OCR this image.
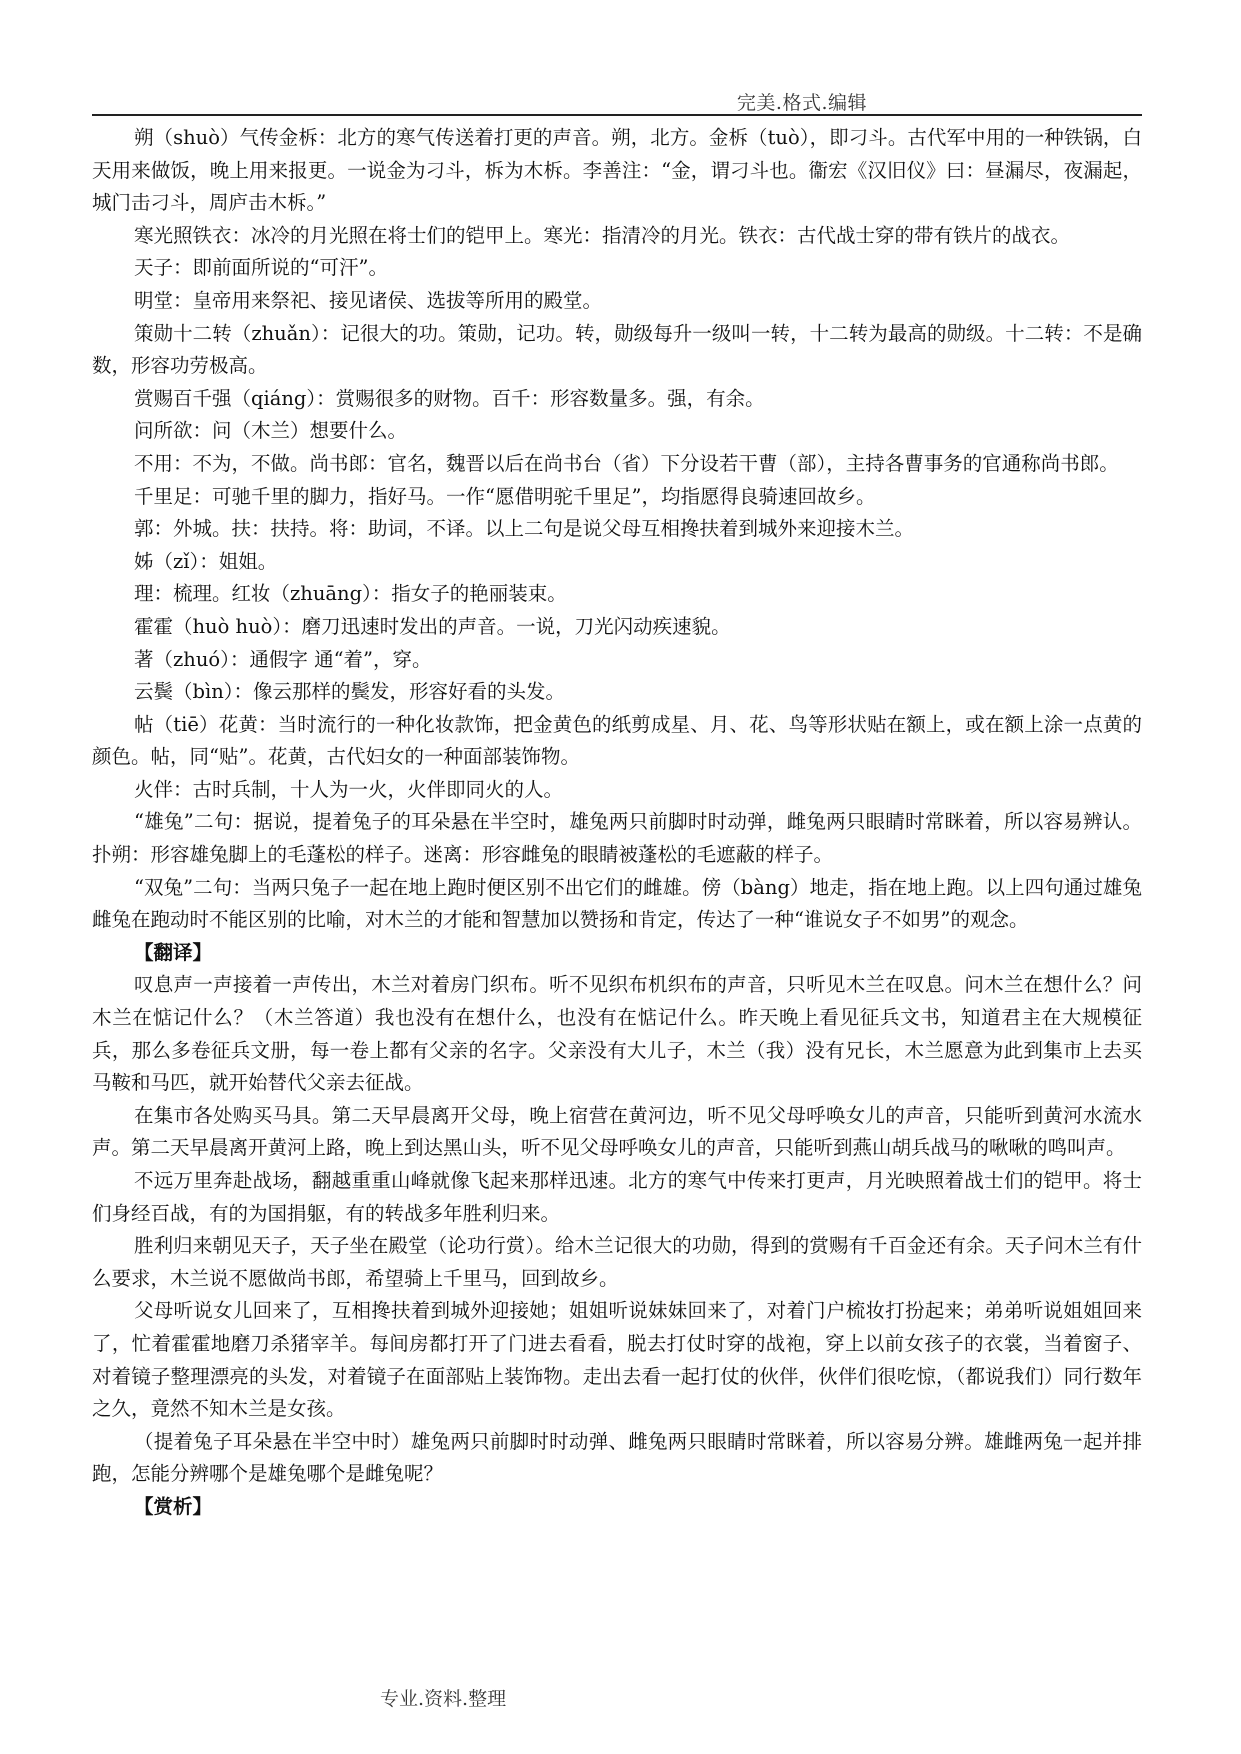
完美.格式.编辑

朔（shuò）气传金柝：北方的寒气传送着打更的声音。朔，北方。金柝（tuò），即刁斗。古代军中用的一种铁锅，白天用来做饭，晚上用来报更。一说金为刁斗，柝为木柝。李善注：“金，谓刁斗也。衞宏《汉旧仪》曰：昼漏尽，夜漏起，城门击刁斗，周庐击木柝。”

寒光照铁衣：冰冷的月光照在将士们的铠甲上。寒光：指清冷的月光。铁衣：古代战士穿的带有铁片的战衣。

天子：即前面所说的“可汗”。

明堂：皇帝用来祭祀、接见诸侯、选拔等所用的殿堂。

策勋十二转（zhuǎn）：记很大的功。策勋，记功。转，勋级每升一级叫一转，十二转为最高的勋级。十二转：不是确数，形容功劳极高。

赏赐百千强（qiáng）：赏赐很多的财物。百千：形容数量多。强，有余。

问所欲：问（木兰）想要什么。

不用：不为，不做。尚书郎：官名，魏晋以后在尚书台（省）下分设若干曹（部），主持各曹事务的官通称尚书郎。

千里足：可驰千里的脚力，指好马。一作“愿借明驼千里足”，均指愿得良骑速回故乡。

郭：外城。扶：扶持。将：助词，不译。以上二句是说父母互相搀扶着到城外来迎接木兰。

姊（zǐ）：姐姐。

理：梳理。红妆（zhuāng）：指女子的艳丽装束。

霍霍（huò huò）：磨刀迅速时发出的声音。一说，刀光闪动疾速貌。

著（zhuó）：通假字 通“着”，穿。

云鬓（bìn）：像云那样的鬓发，形容好看的头发。

帖（tiē）花黄：当时流行的一种化妆款饰，把金黄色的纸剪成星、月、花、鸟等形状贴在额上，或在额上涂一点黄的颜色。帖，同“贴”。花黄，古代妇女的一种面部装饰物。

火伴：古时兵制，十人为一火，火伴即同火的人。

“雄兔”二句：据说，提着兔子的耳朵悬在半空时，雄兔两只前脚时时动弹，雌兔两只眼睛时常眯着，所以容易辨认。扑朔：形容雄兔脚上的毛蓬松的样子。迷离：形容雌兔的眼睛被蓬松的毛遮蔽的样子。

“双兔”二句：当两只兔子一起在地上跑时便区别不出它们的雌雄。傍（bàng）地走，指在地上跑。以上四句通过雄兔雌兔在跑动时不能区别的比喻，对木兰的才能和智慧加以赞扬和肯定，传达了一种“谁说女子不如男”的观念。

【翻译】

叹息声一声接着一声传出，木兰对着房门织布。听不见织布机织布的声音，只听见木兰在叹息。问木兰在想什么？问木兰在惦记什么？（木兰答道）我也没有在想什么，也没有在惦记什么。昨天晚上看见征兵文书，知道君主在大规模征兵，那么多卷征兵文册，每一卷上都有父亲的名字。父亲没有大儿子，木兰（我）没有兄长，木兰愿意为此到集市上去买马鞍和马匹，就开始替代父亲去征战。

在集市各处购买马具。第二天早晨离开父母，晚上宿营在黄河边，听不见父母呼唤女儿的声音，只能听到黄河水流水声。第二天早晨离开黄河上路，晚上到达黑山头，听不见父母呼唤女儿的声音，只能听到燕山胡兵战马的啾啾的鸣叫声。

不远万里奔赴战场，翻越重重山峰就像飞起来那样迅速。北方的寒气中传来打更声，月光映照着战士们的铠甲。将士们身经百战，有的为国捐躯，有的转战多年胜利归来。

胜利归来朝见天子，天子坐在殿堂（论功行赏）。给木兰记很大的功勋，得到的赏赐有千百金还有余。天子问木兰有什么要求，木兰说不愿做尚书郎，希望骑上千里马，回到故乡。

父母听说女儿回来了，互相搀扶着到城外迎接她；姐姐听说妹妹回来了，对着门户梳妆打扮起来；弟弟听说姐姐回来了，忙着霍霍地磨刀杀猪宰羊。每间房都打开了门进去看看，脱去打仗时穿的战袍，穿上以前女孩子的衣裳，当着窗子、对着镜子整理漂亮的头发，对着镜子在面部贴上装饰物。走出去看一起打仗的伙伴，伙伴们很吃惊，（都说我们）同行数年之久，竟然不知木兰是女孩。

（提着兔子耳朵悬在半空中时）雄兔两只前脚时时动弹、雌兔两只眼睛时常眯着，所以容易分辨。雄雌两兔一起并排跑，怎能分辨哪个是雄兔哪个是雌兔呢？

【赏析】

专业.资料.整理
